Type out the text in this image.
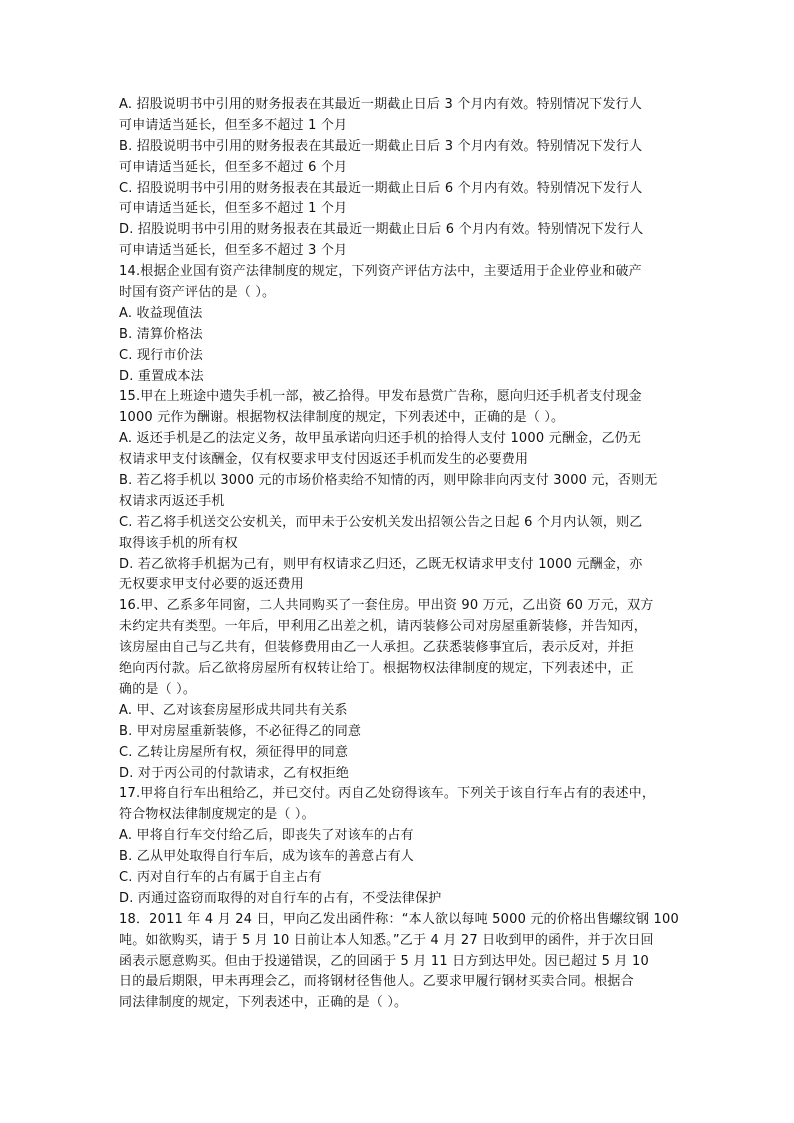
A. 招股说明书中引用的财务报表在其最近一期截止日后 3 个月内有效。特别情况下发行人
可申请适当延长，但至多不超过 1 个月
B. 招股说明书中引用的财务报表在其最近一期截止日后 3 个月内有效。特别情况下发行人
可申请适当延长，但至多不超过 6 个月
C. 招股说明书中引用的财务报表在其最近一期截止日后 6 个月内有效。特别情况下发行人
可申请适当延长，但至多不超过 1 个月
D. 招股说明书中引用的财务报表在其最近一期截止日后 6 个月内有效。特别情况下发行人
可申请适当延长，但至多不超过 3 个月
14.根据企业国有资产法律制度的规定，下列资产评估方法中，主要适用于企业停业和破产
时国有资产评估的是（ ）。
A. 收益现值法
B. 清算价格法
C. 现行市价法
D. 重置成本法
15.甲在上班途中遗失手机一部，被乙拾得。甲发布悬赏广告称，愿向归还手机者支付现金
1000 元作为酬谢。根据物权法律制度的规定，下列表述中，正确的是（ ）。
A. 返还手机是乙的法定义务，故甲虽承诺向归还手机的拾得人支付 1000 元酬金，乙仍无
权请求甲支付该酬金，仅有权要求甲支付因返还手机而发生的必要费用
B. 若乙将手机以 3000 元的市场价格卖给不知情的丙，则甲除非向丙支付 3000 元，否则无
权请求丙返还手机
C. 若乙将手机送交公安机关，而甲未于公安机关发出招领公告之日起 6 个月内认领，则乙
取得该手机的所有权
D. 若乙欲将手机据为己有，则甲有权请求乙归还，乙既无权请求甲支付 1000 元酬金，亦
无权要求甲支付必要的返还费用
16.甲、乙系多年同窗，二人共同购买了一套住房。甲出资 90 万元，乙出资 60 万元，双方
未约定共有类型。一年后，甲利用乙出差之机，请丙装修公司对房屋重新装修，并告知丙，
该房屋由自己与乙共有，但装修费用由乙一人承担。乙获悉装修事宜后，表示反对，并拒
绝向丙付款。后乙欲将房屋所有权转让给丁。根据物权法律制度的规定，下列表述中，正
确的是（ ）。
A. 甲、乙对该套房屋形成共同共有关系
B. 甲对房屋重新装修，不必征得乙的同意
C. 乙转让房屋所有权，须征得甲的同意
D. 对于丙公司的付款请求，乙有权拒绝
17.甲将自行车出租给乙，并已交付。丙自乙处窃得该车。下列关于该自行车占有的表述中，
符合物权法律制度规定的是（ ）。
A. 甲将自行车交付给乙后，即丧失了对该车的占有
B. 乙从甲处取得自行车后，成为该车的善意占有人
C. 丙对自行车的占有属于自主占有
D. 丙通过盗窃而取得的对自行车的占有，不受法律保护
18．2011 年 4 月 24 日，甲向乙发出函件称：“本人欲以每吨 5000 元的价格出售螺纹钢 100
吨。如欲购买，请于 5 月 10 日前让本人知悉。”乙于 4 月 27 日收到甲的函件，并于次日回
函表示愿意购买。但由于投递错误，乙的回函于 5 月 11 日方到达甲处。因已超过 5 月 10
日的最后期限，甲未再理会乙，而将钢材径售他人。乙要求甲履行钢材买卖合同。根据合
同法律制度的规定，下列表述中，正确的是（ ）。
